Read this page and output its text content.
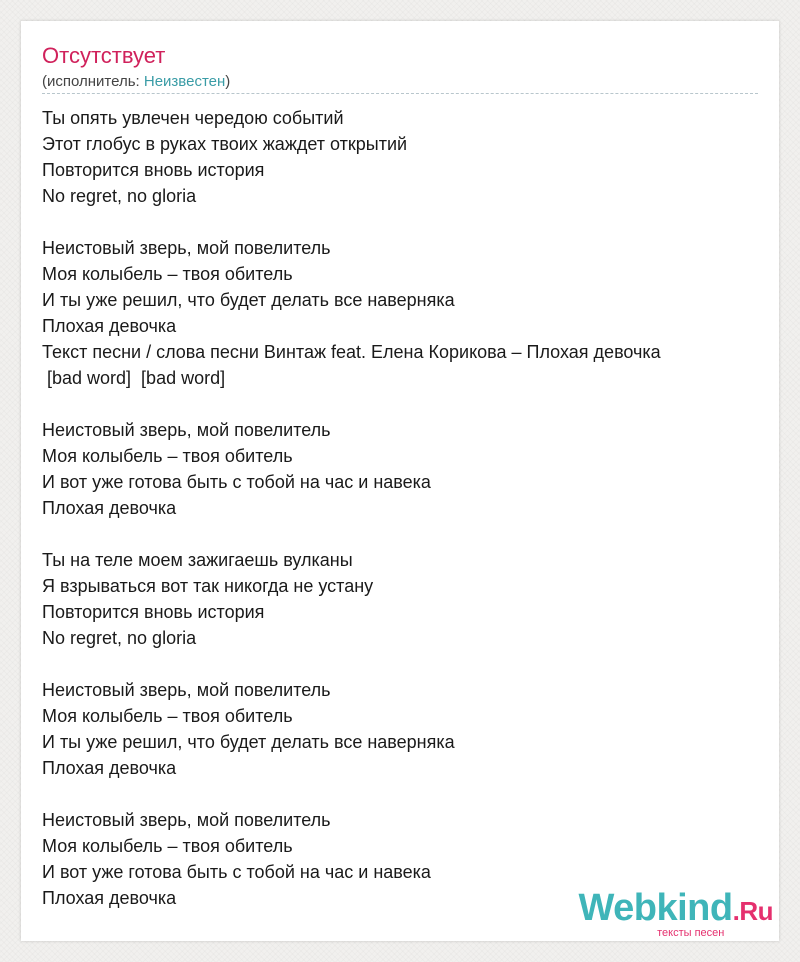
Отсутствует
(исполнитель: Неизвестен)
Ты опять увлечен чередою событий
Этот глобус в руках твоих жаждет открытий
Повторится вновь история
No regret, no gloria
Неистовый зверь, мой повелитель
Моя колыбель – твоя обитель
И ты уже решил, что будет делать все наверняка
Плохая девочка
Текст песни / слова песни Винтаж feat. Елена Корикова – Плохая девочка
[bad word]  [bad word]
Неистовый зверь, мой повелитель
Моя колыбель – твоя обитель
И вот уже готова быть с тобой на час и навека
Плохая девочка
Ты на теле моем зажигаешь вулканы
Я взрываться вот так никогда не устану
Повторится вновь история
No regret, no gloria
Неистовый зверь, мой повелитель
Моя колыбель – твоя обитель
И ты уже решил, что будет делать все наверняка
Плохая девочка
Неистовый зверь, мой повелитель
Моя колыбель – твоя обитель
И вот уже готова быть с тобой на час и навека
Плохая девочка	Webkind.Ru
тексты песен
